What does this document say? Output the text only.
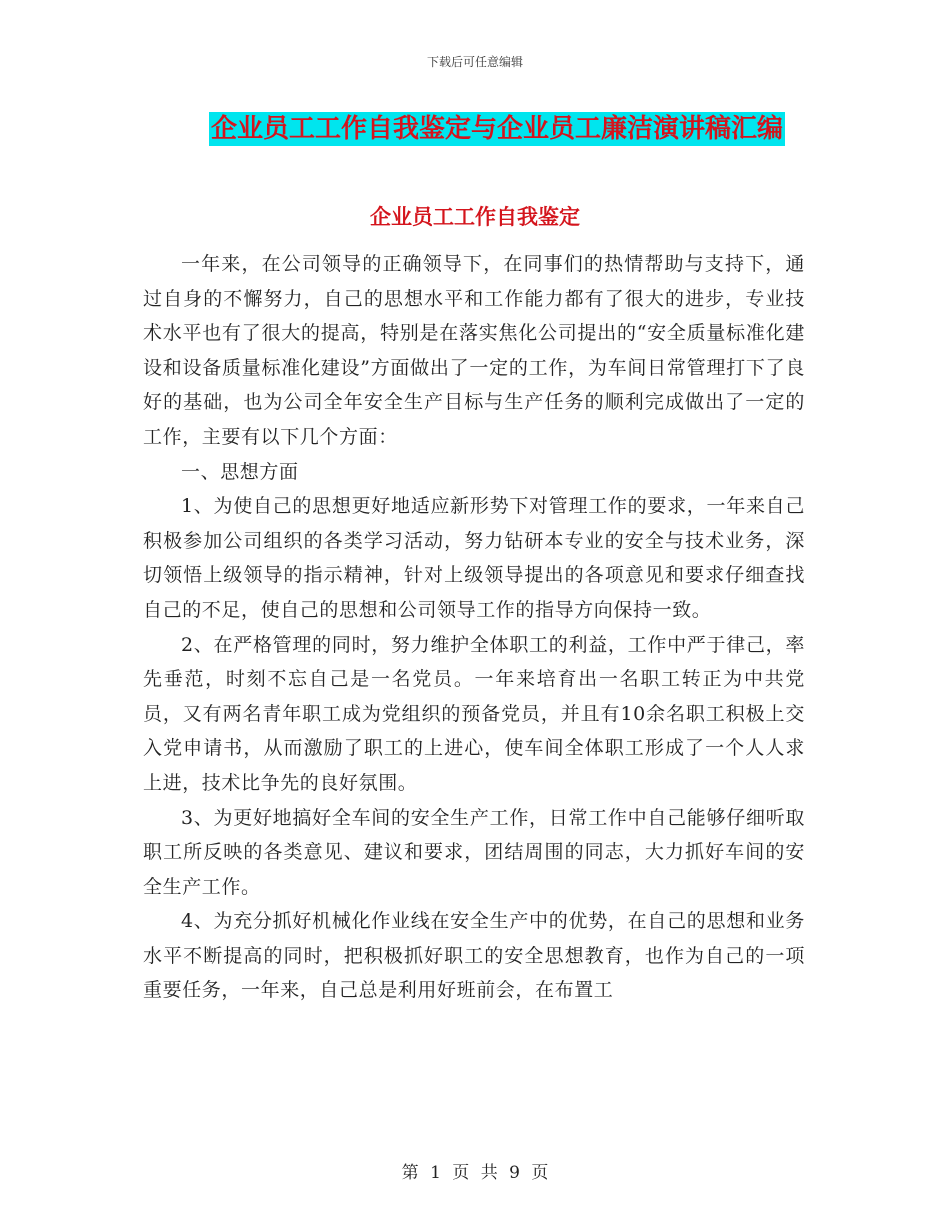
下载后可任意编辑
企业员工工作自我鉴定与企业员工廉洁演讲稿汇编
企业员工工作自我鉴定

一年来，在公司领导的正确领导下，在同事们的热情帮助与支持下，通过自身的不懈努力，自己的思想水平和工作能力都有了很大的进步，专业技术水平也有了很大的提高，特别是在落实焦化公司提出的“安全质量标准化建设和设备质量标准化建设”方面做出了一定的工作，为车间日常管理打下了良好的基础，也为公司全年安全生产目标与生产任务的顺利完成做出了一定的工作，主要有以下几个方面：

一、思想方面

1、为使自己的思想更好地适应新形势下对管理工作的要求，一年来自己积极参加公司组织的各类学习活动，努力钻研本专业的安全与技术业务，深切领悟上级领导的指示精神，针对上级领导提出的各项意见和要求仔细查找自己的不足，使自己的思想和公司领导工作的指导方向保持一致。

2、在严格管理的同时，努力维护全体职工的利益，工作中严于律己，率先垂范，时刻不忘自己是一名党员。一年来培育出一名职工转正为中共党员，又有两名青年职工成为党组织的预备党员，并且有10余名职工积极上交入党申请书，从而激励了职工的上进心，使车间全体职工形成了一个人人求上进，技术比争先的良好氛围。

3、为更好地搞好全车间的安全生产工作，日常工作中自己能够仔细听取职工所反映的各类意见、建议和要求，团结周围的同志，大力抓好车间的安全生产工作。

4、为充分抓好机械化作业线在安全生产中的优势，在自己的思想和业务水平不断提高的同时，把积极抓好职工的安全思想教育，也作为自己的一项重要任务，一年来，自己总是利用好班前会，在布置工

第 1 页 共 9 页
